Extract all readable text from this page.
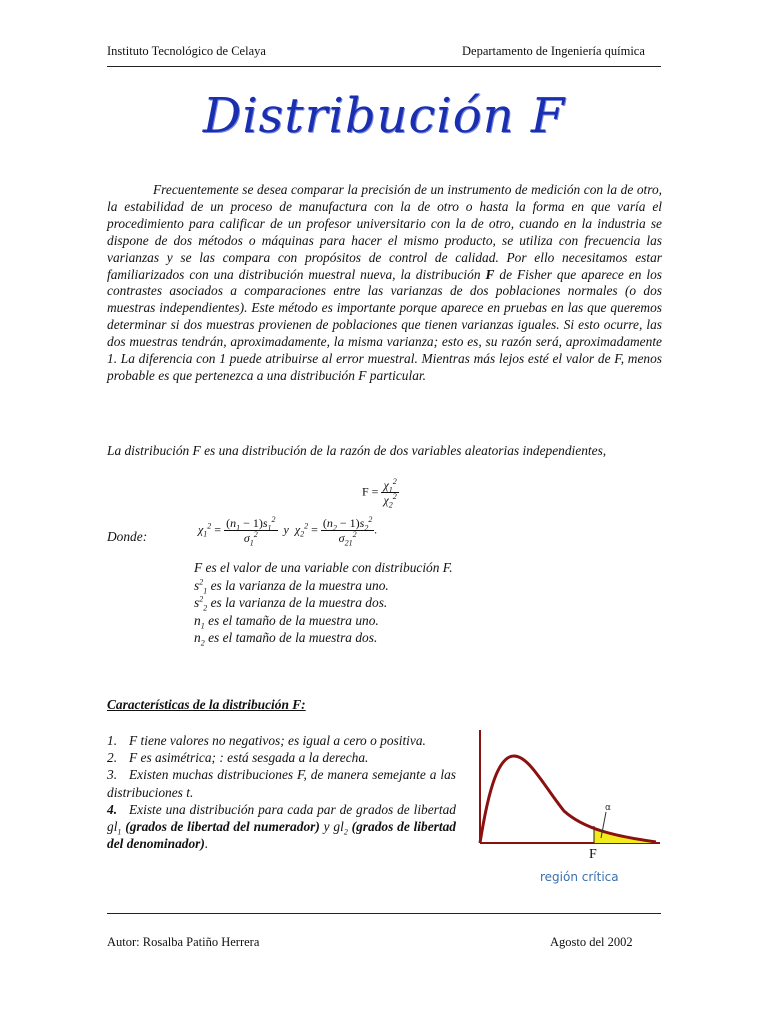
Instituto Tecnológico de Celaya	Departamento de Ingeniería química
Distribución F

Frecuentemente se desea comparar la precisión de un instrumento de medición con la de otro, la estabilidad de un proceso de manufactura con la de otro o hasta la forma en que varía el procedimiento para calificar de un profesor universitario con la de otro, cuando en la industria se dispone de dos métodos o máquinas para hacer el mismo producto, se utiliza con frecuencia las varianzas y se las compara con propósitos de control de calidad. Por ello necesitamos estar familiarizados con una distribución muestral nueva, la distribución F de Fisher que aparece en los contrastes asociados a comparaciones entre las varianzas de dos poblaciones normales (o dos muestras independientes). Este método es importante porque aparece en pruebas en las que queremos determinar si dos muestras provienen de poblaciones que tienen varianzas iguales. Si esto ocurre, las dos muestras tendrán, aproximadamente, la misma varianza; esto es, su razón será, aproximadamente 1. La diferencia con 1 puede atribuirse al error muestral. Mientras más lejos esté el valor de F, menos probable es que pertenezca a una distribución F particular.

La distribución F es una distribución de la razón de dos variables aleatorias independientes,

$F = \frac{\chi_1^2}{\chi_2^2}$
Donde:	$\chi_1^2 = \frac{(n_1 - 1)s_1^2}{\sigma_1^2}$ y  $\chi_2^2 = \frac{(n_2 - 1)s_2^2}{\sigma_{21}^2}$ .
F es el valor de una variable con distribución F.
$s^2_1$ es la varianza de la muestra uno.
$s^2_2$ es la varianza de la muestra dos.
$n_1$ es el tamaño de la muestra uno.
$n_2$ es el tamaño de la muestra dos.
Características de la distribución F:
1. F tiene valores no negativos; es igual a cero o positiva.
2. F es asimétrica; : está sesgada a la derecha.
3. Existen muchas distribuciones F, de manera semejante a las distribuciones t.
4. Existe una distribución para cada par de grados de libertad $gl_1$ (grados de libertad del numerador) y $gl_2$ (grados de libertad del denominador).
α
F
región crítica
Autor: Rosalba Patiño Herrera	Agosto del 2002
